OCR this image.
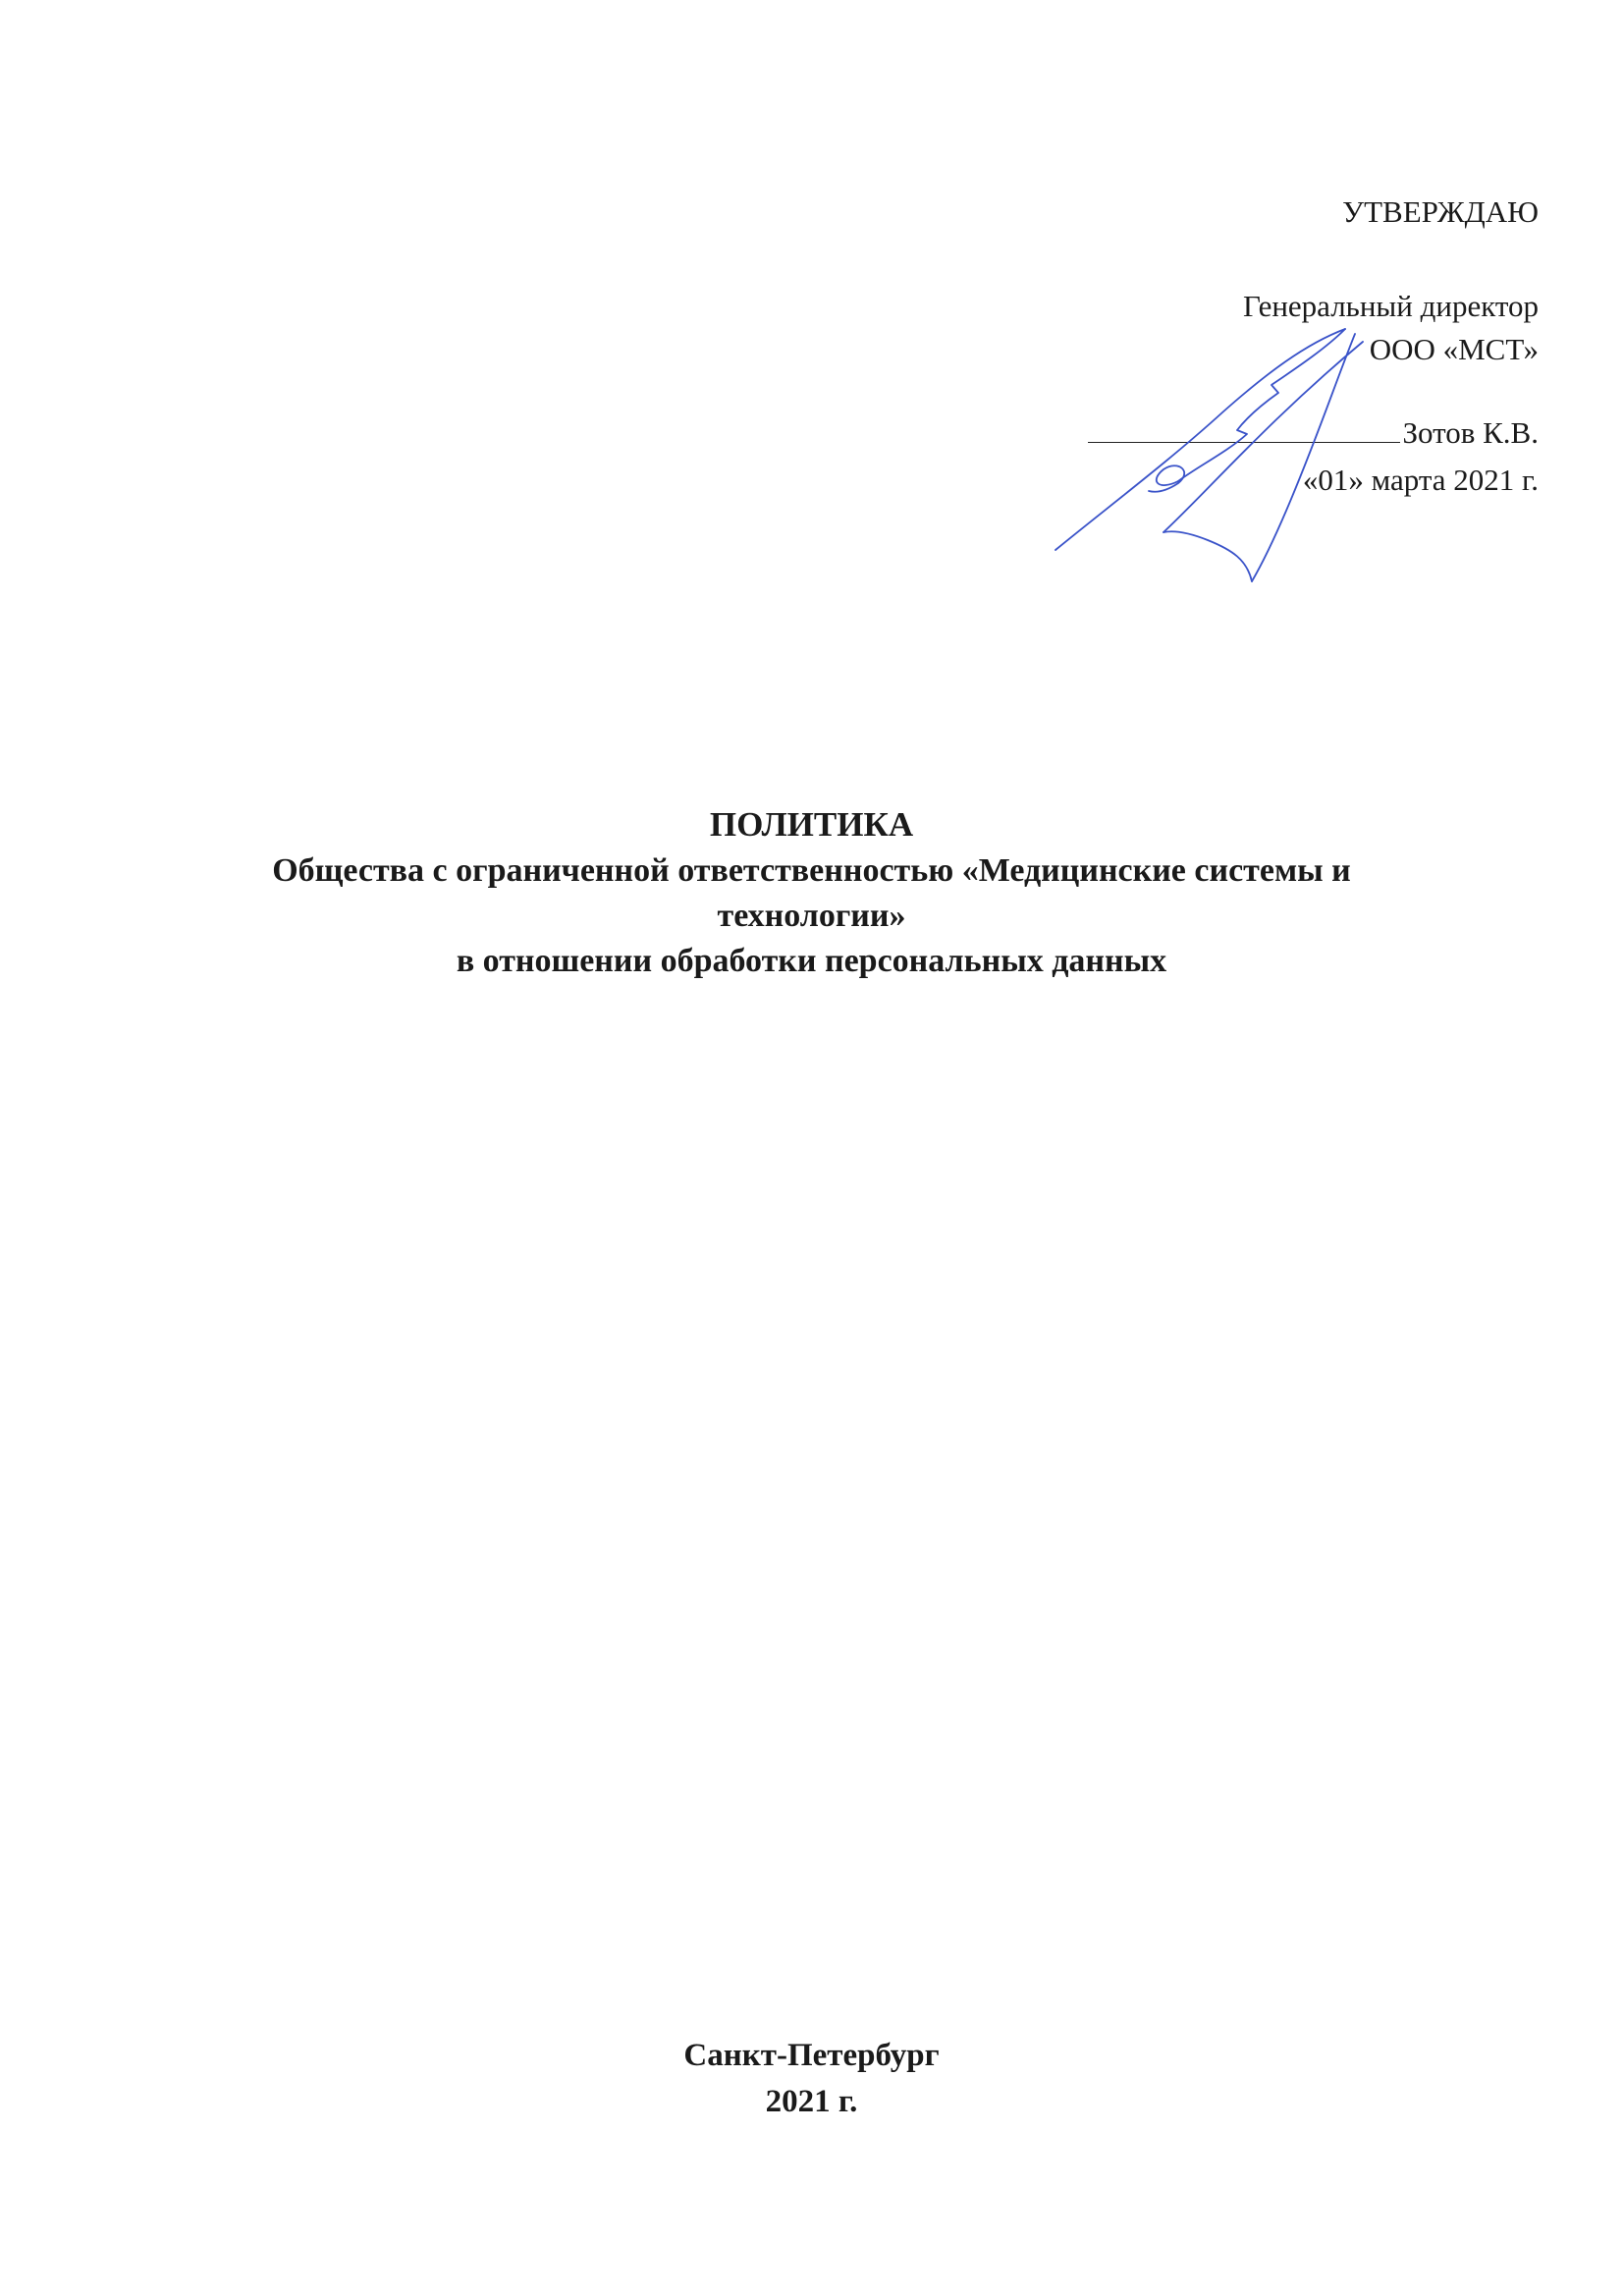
УТВЕРЖДАЮ
Генеральный директор
ООО «МСТ»
Зотов К.В.
«01» марта 2021 г.
ПОЛИТИКА
Общества с ограниченной ответственностью «Медицинские системы и
технологии»
в отношении обработки персональных данных
Санкт-Петербург
2021 г.
